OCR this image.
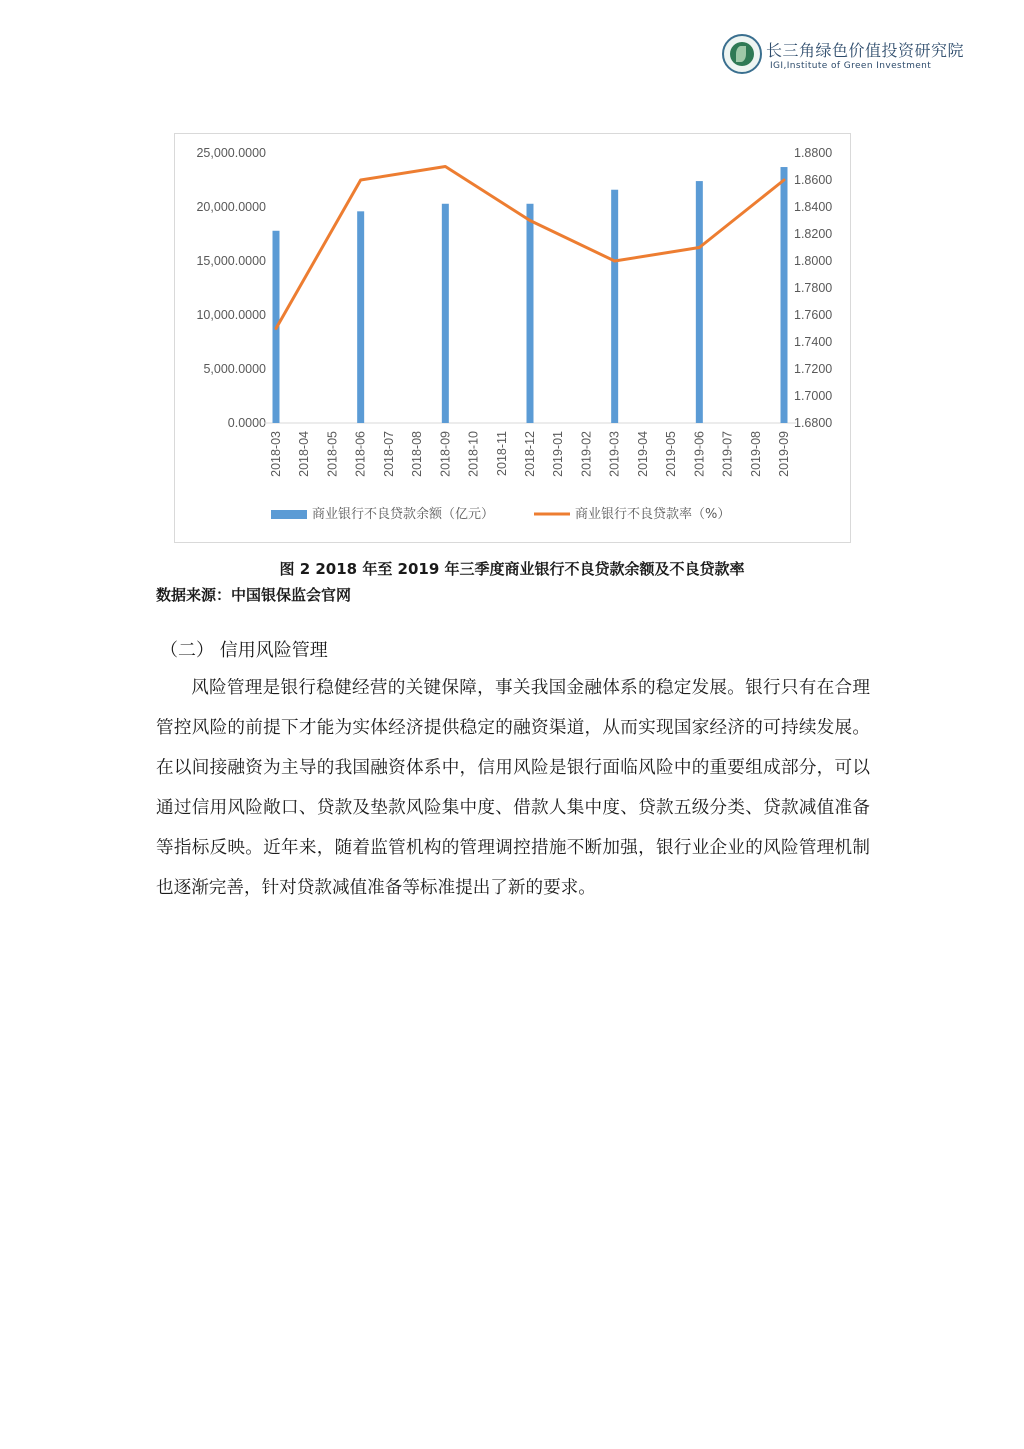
长三角绿色价值投资研究院
IGI,Institute of Green Investment
0.0000
5,000.0000
10,000.0000
15,000.0000
20,000.0000
25,000.0000
1.6800
1.7000
1.7200
1.7400
1.7600
1.7800
1.8000
1.8200
1.8400
1.8600
1.8800
2018-03 2018-04 2018-05 2018-06 2018-07 2018-08 2018-09 2018-10 2018-11 2018-12 2019-01 2019-02 2019-03 2019-04 2019-05 2019-06 2019-07 2019-08 2019-09
商业银行不良贷款余额（亿元）	商业银行不良贷款率（%）
图 2 2018 年至 2019 年三季度商业银行不良贷款余额及不良贷款率
数据来源：中国银保监会官网
（二） 信用风险管理
风险管理是银行稳健经营的关键保障，事关我国金融体系的稳定发展。银行只有在合理管控风险的前提下才能为实体经济提供稳定的融资渠道，从而实现国家经济的可持续发展。在以间接融资为主导的我国融资体系中，信用风险是银行面临风险中的重要组成部分，可以通过信用风险敞口、贷款及垫款风险集中度、借款人集中度、贷款五级分类、贷款减值准备等指标反映。近年来，随着监管机构的管理调控措施不断加强，银行业企业的风险管理机制也逐渐完善，针对贷款减值准备等标准提出了新的要求。
